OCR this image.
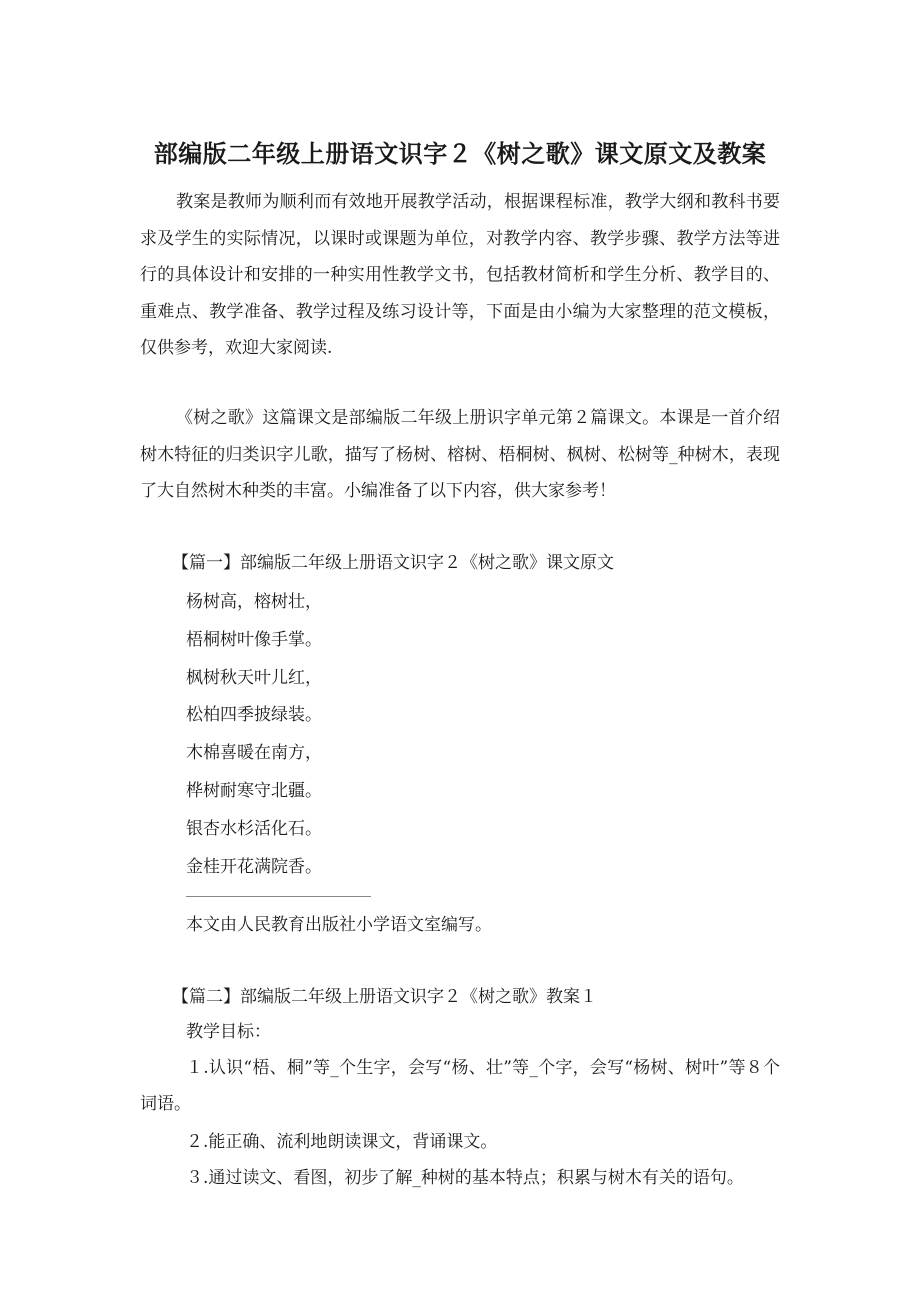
部编版二年级上册语文识字２《树之歌》课文原文及教案
教案是教师为顺利而有效地开展教学活动，根据课程标准，教学大纲和教科书要求及学生的实际情况，以课时或课题为单位，对教学内容、教学步骤、教学方法等进行的具体设计和安排的一种实用性教学文书，包括教材简析和学生分析、教学目的、重难点、教学准备、教学过程及练习设计等，下面是由小编为大家整理的范文模板，仅供参考，欢迎大家阅读.
《树之歌》这篇课文是部编版二年级上册识字单元第２篇课文。本课是一首介绍树木特征的归类识字儿歌，描写了杨树、榕树、梧桐树、枫树、松树等_种树木，表现了大自然树木种类的丰富。小编准备了以下内容，供大家参考！
【篇一】部编版二年级上册语文识字２《树之歌》课文原文
杨树高，榕树壮，
梧桐树叶像手掌。
枫树秋天叶儿红，
松柏四季披绿装。
木棉喜暖在南方，
桦树耐寒守北疆。
银杏水杉活化石。
金桂开花满院香。
本文由人民教育出版社小学语文室编写。
【篇二】部编版二年级上册语文识字２《树之歌》教案１
教学目标：
１.认识“梧、桐”等_个生字，会写“杨、壮”等_个字，会写“杨树、树叶”等８个词语。
２.能正确、流利地朗读课文，背诵课文。
３.通过读文、看图，初步了解_种树的基本特点；积累与树木有关的语句。
